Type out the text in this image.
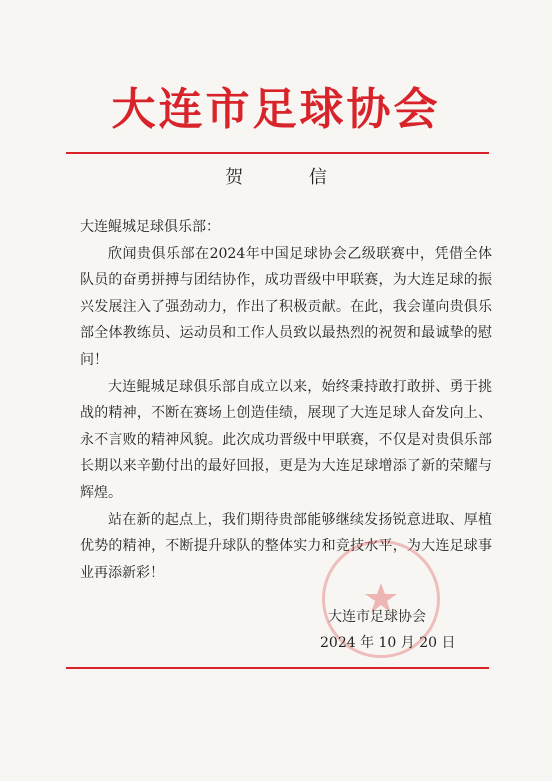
大连市足球协会
贺 信

大连鲲城足球俱乐部：

欣闻贵俱乐部在2024年中国足球协会乙级联赛中，凭借全体队员的奋勇拼搏与团结协作，成功晋级中甲联赛，为大连足球的振兴发展注入了强劲动力，作出了积极贡献。在此，我会谨向贵俱乐部全体教练员、运动员和工作人员致以最热烈的祝贺和最诚挚的慰问！

大连鲲城足球俱乐部自成立以来，始终秉持敢打敢拼、勇于挑战的精神，不断在赛场上创造佳绩，展现了大连足球人奋发向上、永不言败的精神风貌。此次成功晋级中甲联赛，不仅是对贵俱乐部长期以来辛勤付出的最好回报，更是为大连足球增添了新的荣耀与辉煌。

站在新的起点上，我们期待贵部能够继续发扬锐意进取、厚植优势的精神，不断提升球队的整体实力和竞技水平，为大连足球事业再添新彩！

大连市足球协会
2024 年 10 月 20 日
